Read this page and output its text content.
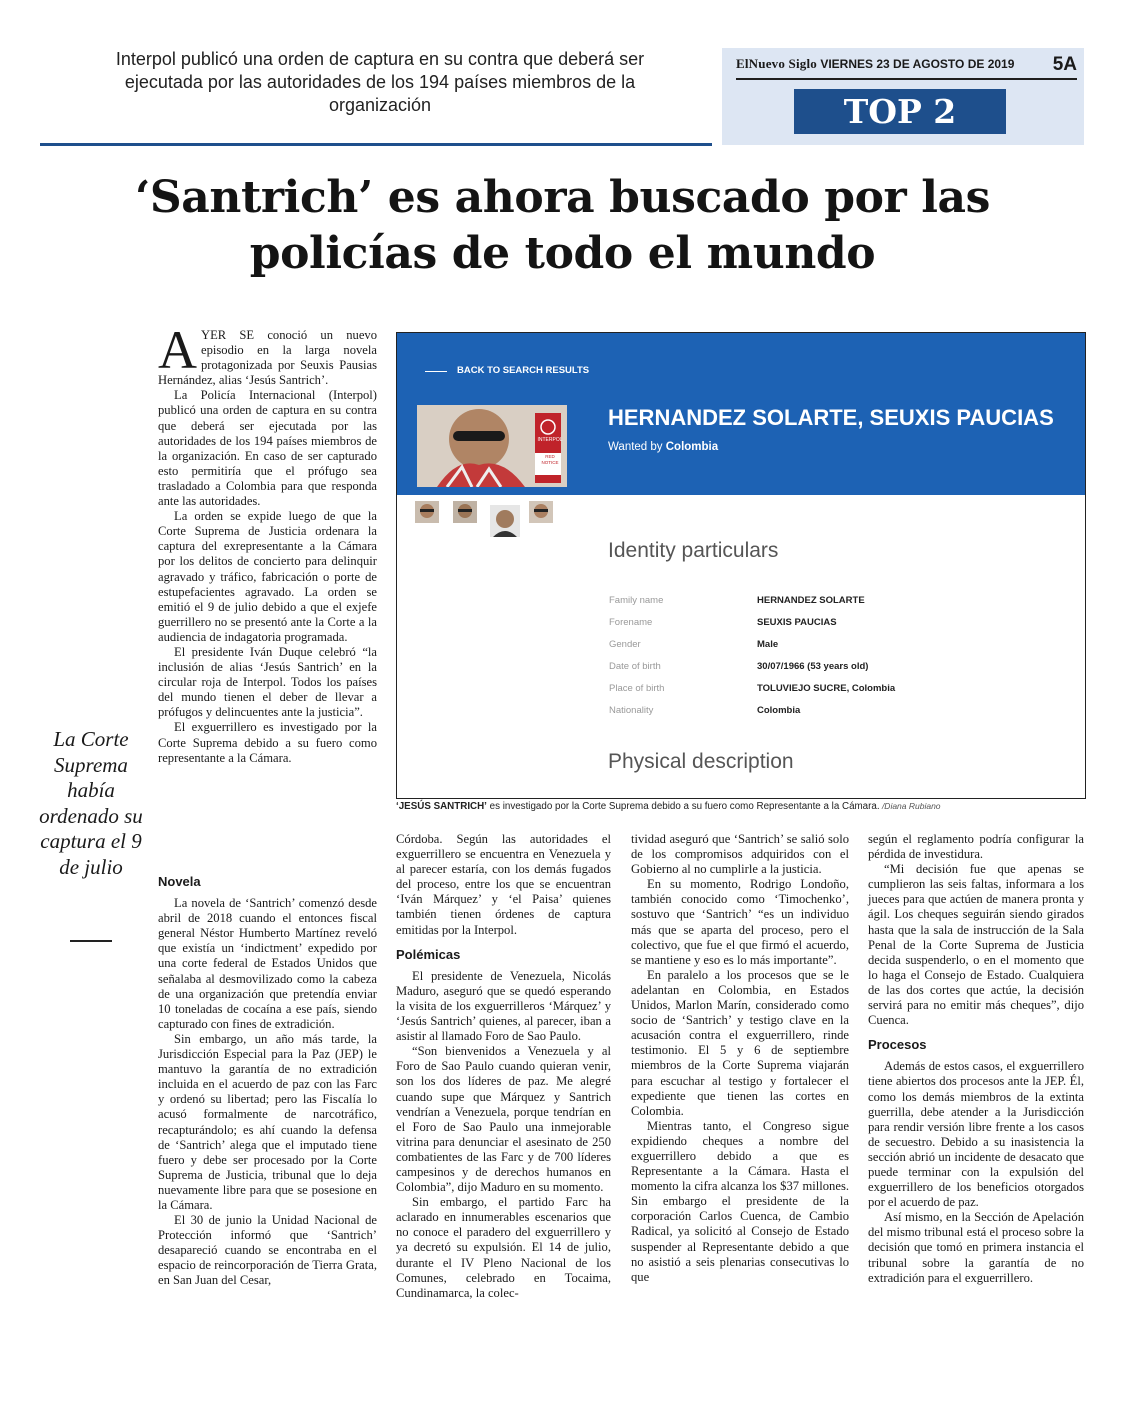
Interpol publicó una orden de captura en su contra que deberá ser ejecutada por las autoridades de los 194 países miembros de la organización
ElNuevo Siglo VIERNES 23 DE AGOSTO DE 2019 5A
TOP 2
‘Santrich’ es ahora buscado por las policías de todo el mundo
La Corte Suprema había ordenado su captura el 9 de julio

AYER SE conoció un nuevo episodio en la larga novela protagonizada por Seuxis Pausias Hernández, alias ‘Jesús Santrich’.

La Policía Internacional (Interpol) publicó una orden de captura en su contra que deberá ser ejecutada por las autoridades de los 194 países miembros de la organización. En caso de ser capturado esto permitiría que el prófugo sea trasladado a Colombia para que responda ante las autoridades.

La orden se expide luego de que la Corte Suprema de Justicia ordenara la captura del exrepresentante a la Cámara por los delitos de concierto para delinquir agravado y tráfico, fabricación o porte de estupefacientes agravado. La orden se emitió el 9 de julio debido a que el exjefe guerrillero no se presentó ante la Corte a la audiencia de indagatoria programada.

El presidente Iván Duque celebró “la inclusión de alias ‘Jesús Santrich’ en la circular roja de Interpol. Todos los países del mundo tienen el deber de llevar a prófugos y delincuentes ante la justicia”.

El exguerrillero es investigado por la Corte Suprema debido a su fuero como representante a la Cámara.

Novela

La novela de ‘Santrich’ comenzó desde abril de 2018 cuando el entonces fiscal general Néstor Humberto Martínez reveló que existía un ‘indictment’ expedido por una corte federal de Estados Unidos que señalaba al desmovilizado como la cabeza de una organización que pretendía enviar 10 toneladas de cocaína a ese país, siendo capturado con fines de extradición.

Sin embargo, un año más tarde, la Jurisdicción Especial para la Paz (JEP) le mantuvo la garantía de no extradición incluida en el acuerdo de paz con las Farc y ordenó su libertad; pero las Fiscalía lo acusó formalmente de narcotráfico, recapturándolo; es ahí cuando la defensa de ‘Santrich’ alega que el imputado tiene fuero y debe ser procesado por la Corte Suprema de Justicia, tribunal que lo deja nuevamente libre para que se posesione en la Cámara.

El 30 de junio la Unidad Nacional de Protección informó que ‘Santrich’ desapareció cuando se encontraba en el espacio de reincorporación de Tierra Grata, en San Juan del Cesar,

Córdoba. Según las autoridades el exguerrillero se encuentra en Venezuela y al parecer estaría, con los demás fugados del proceso, entre los que se encuentran ‘Iván Márquez’ y ‘el Paisa’ quienes también tienen órdenes de captura emitidas por la Interpol.

Polémicas

El presidente de Venezuela, Nicolás Maduro, aseguró que se quedó esperando la visita de los exguerrilleros ‘Márquez’ y ‘Jesús Santrich’ quienes, al parecer, iban a asistir al llamado Foro de Sao Paulo.

“Son bienvenidos a Venezuela y al Foro de Sao Paulo cuando quieran venir, son los dos líderes de paz. Me alegré cuando supe que Márquez y Santrich vendrían a Venezuela, porque tendrían en el Foro de Sao Paulo una inmejorable vitrina para denunciar el asesinato de 250 combatientes de las Farc y de 700 líderes campesinos y de derechos humanos en Colombia”, dijo Maduro en su momento.

Sin embargo, el partido Farc ha aclarado en innumerables escenarios que no conoce el paradero del exguerrillero y ya decretó su expulsión. El 14 de julio, durante el IV Pleno Nacional de los Comunes, celebrado en Tocaima, Cundinamarca, la colec-

tividad aseguró que ‘Santrich’ se salió solo de los compromisos adquiridos con el Gobierno al no cumplirle a la justicia.

En su momento, Rodrigo Londoño, también conocido como ‘Timochenko’, sostuvo que ‘Santrich’ “es un individuo más que se aparta del proceso, pero el colectivo, que fue el que firmó el acuerdo, se mantiene y eso es lo más importante”.

En paralelo a los procesos que se le adelantan en Colombia, en Estados Unidos, Marlon Marín, considerado como socio de ‘Santrich’ y testigo clave en la acusación contra el exguerrillero, rinde testimonio. El 5 y 6 de septiembre miembros de la Corte Suprema viajarán para escuchar al testigo y fortalecer el expediente que tienen las cortes en Colombia.

Mientras tanto, el Congreso sigue expidiendo cheques a nombre del exguerrillero debido a que es Representante a la Cámara. Hasta el momento la cifra alcanza los $37 millones. Sin embargo el presidente de la corporación Carlos Cuenca, de Cambio Radical, ya solicitó al Consejo de Estado suspender al Representante debido a que no asistió a seis plenarias consecutivas lo que

según el reglamento podría configurar la pérdida de investidura.

“Mi decisión fue que apenas se cumplieron las seis faltas, informara a los jueces para que actúen de manera pronta y ágil. Los cheques seguirán siendo girados hasta que la sala de instrucción de la Sala Penal de la Corte Suprema de Justicia decida suspenderlo, o en el momento que lo haga el Consejo de Estado. Cualquiera de las dos cortes que actúe, la decisión servirá para no emitir más cheques”, dijo Cuenca.

Procesos

Además de estos casos, el exguerrillero tiene abiertos dos procesos ante la JEP. Él, como los demás miembros de la extinta guerrilla, debe atender a la Jurisdicción para rendir versión libre frente a los casos de secuestro. Debido a su inasistencia la sección abrió un incidente de desacato que puede terminar con la expulsión del exguerrillero de los beneficios otorgados por el acuerdo de paz.

Así mismo, en la Sección de Apelación del mismo tribunal está el proceso sobre la decisión que tomó en primera instancia el tribunal sobre la garantía de no extradición para el exguerrillero.

BACK TO SEARCH RESULTS
INTERPOL
RED NOTICE
HERNANDEZ SOLARTE, SEUXIS PAUCIAS
Wanted by Colombia
Identity particulars
Family name	HERNANDEZ SOLARTE
Forename	SEUXIS PAUCIAS
Gender	Male
Date of birth	30/07/1966 (53 years old)
Place of birth	TOLUVIEJO SUCRE, Colombia
Nationality	Colombia
Physical description
‘JESÚS SANTRICH’ es investigado por la Corte Suprema debido a su fuero como Representante a la Cámara. /Diana Rubiano
